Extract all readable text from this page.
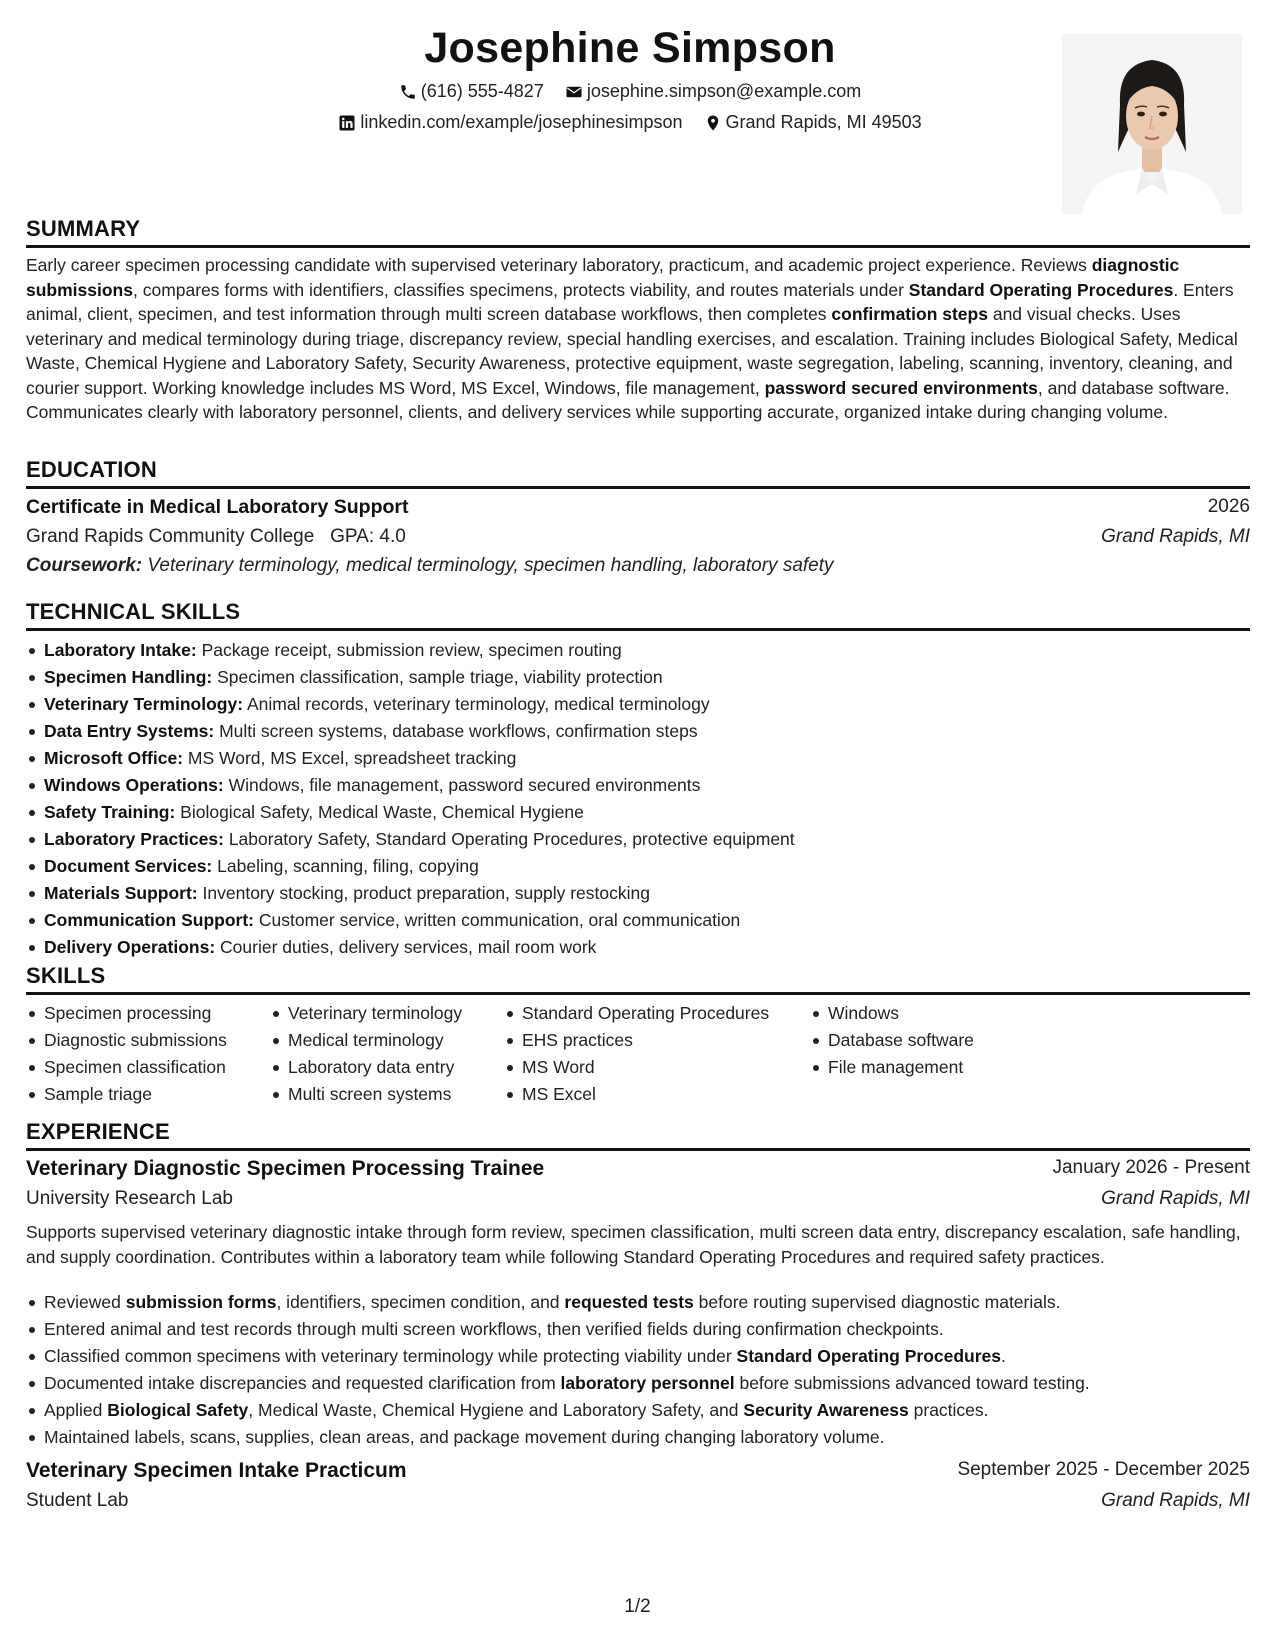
Josephine Simpson
(616) 555-4827
josephine.simpson@example.com
linkedin.com/example/josephinesimpson
Grand Rapids, MI 49503
SUMMARY
Early career specimen processing candidate with supervised veterinary laboratory, practicum, and academic project experience. Reviews diagnostic submissions, compares forms with identifiers, classifies specimens, protects viability, and routes materials under Standard Operating Procedures. Enters animal, client, specimen, and test information through multi screen database workflows, then completes confirmation steps and visual checks. Uses veterinary and medical terminology during triage, discrepancy review, special handling exercises, and escalation. Training includes Biological Safety, Medical Waste, Chemical Hygiene and Laboratory Safety, Security Awareness, protective equipment, waste segregation, labeling, scanning, inventory, cleaning, and courier support. Working knowledge includes MS Word, MS Excel, Windows, file management, password secured environments, and database software. Communicates clearly with laboratory personnel, clients, and delivery services while supporting accurate, organized intake during changing volume.
EDUCATION
Certificate in Medical Laboratory Support	2026
Grand Rapids Community College GPA: 4.0	Grand Rapids, MI
Coursework: Veterinary terminology, medical terminology, specimen handling, laboratory safety
TECHNICAL SKILLS
Laboratory Intake: Package receipt, submission review, specimen routing
Specimen Handling: Specimen classification, sample triage, viability protection
Veterinary Terminology: Animal records, veterinary terminology, medical terminology
Data Entry Systems: Multi screen systems, database workflows, confirmation steps
Microsoft Office: MS Word, MS Excel, spreadsheet tracking
Windows Operations: Windows, file management, password secured environments
Safety Training: Biological Safety, Medical Waste, Chemical Hygiene
Laboratory Practices: Laboratory Safety, Standard Operating Procedures, protective equipment
Document Services: Labeling, scanning, filing, copying
Materials Support: Inventory stocking, product preparation, supply restocking
Communication Support: Customer service, written communication, oral communication
Delivery Operations: Courier duties, delivery services, mail room work
SKILLS
Specimen processing
Diagnostic submissions
Specimen classification
Sample triage
Veterinary terminology
Medical terminology
Laboratory data entry
Multi screen systems
Standard Operating Procedures
EHS practices
MS Word
MS Excel
Windows
Database software
File management
EXPERIENCE
Veterinary Diagnostic Specimen Processing Trainee	January 2026 - Present
University Research Lab	Grand Rapids, MI
Supports supervised veterinary diagnostic intake through form review, specimen classification, multi screen data entry, discrepancy escalation, safe handling, and supply coordination. Contributes within a laboratory team while following Standard Operating Procedures and required safety practices.
Reviewed submission forms, identifiers, specimen condition, and requested tests before routing supervised diagnostic materials.
Entered animal and test records through multi screen workflows, then verified fields during confirmation checkpoints.
Classified common specimens with veterinary terminology while protecting viability under Standard Operating Procedures.
Documented intake discrepancies and requested clarification from laboratory personnel before submissions advanced toward testing.
Applied Biological Safety, Medical Waste, Chemical Hygiene and Laboratory Safety, and Security Awareness practices.
Maintained labels, scans, supplies, clean areas, and package movement during changing laboratory volume.
Veterinary Specimen Intake Practicum	September 2025 - December 2025
Student Lab	Grand Rapids, MI
1/2
